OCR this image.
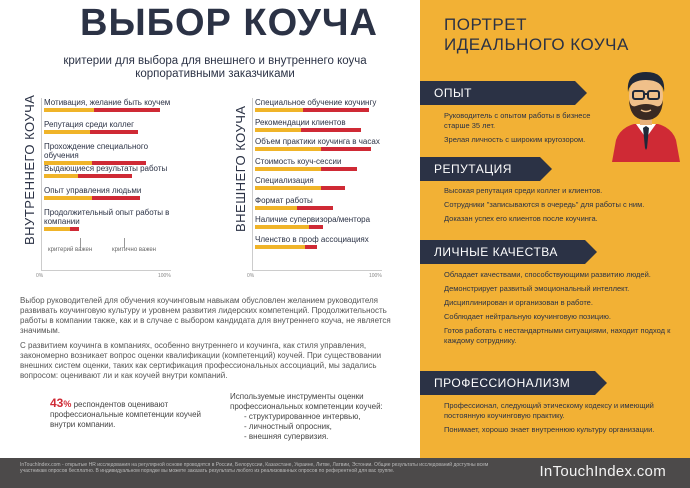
ВЫБОР КОУЧА
критерии для выбора для внешнего и внутреннего коуча корпоративными заказчиками
ВНУТРЕННЕГО КОУЧА	ВНЕШНЕГО КОУЧА
0%	100%
Мотивация, желание быть коучем
Репутация среди коллег
Прохождение специального обучения
Выдающиеся результаты работы
Опыт управления людьми
Продолжительный опыт работы в компании
критерий важен	критично важен
0%	100%
Специальное обучение коучингу
Рекомендации клиентов
Объем практики коучинга в часах
Стоимость коуч-сессии
Специализация
Формат работы
Наличие супервизора/ментора
Членство в проф ассоциациях
Выбор руководителей для обучения коучинговым навыкам обусловлен желанием руководителя развивать коучинговую культуру и уровнем развития лидерских компетенций. Продолжительность работы в компании также, как и в случае с выбором кандидата для внутреннего коуча, не является значимым.
С развитием коучинга в компаниях, особенно внутреннего и коучинга, как стиля управления, закономерно возникает вопрос оценки квалификации (компетенций) коучей. При существовании внешних систем оценки, таких как сертификация профессиональных ассоциаций, мы задались вопросом: оценивают ли и как коучей внутри компаний.
43% респондентов оценивают профессиональные компетенции коучей внутри компании.
Используемые инструменты оценки профессиональных компетенции коучей:
- структурированное интервью,
- личностный опросник,
- внешняя супервизия.
ПОРТРЕТ
ИДЕАЛЬНОГО КОУЧА
ОПЫТ

Руководитель с опытом работы в бизнесе старше 35 лет.

Зрелая личность с широким кругозором.

РЕПУТАЦИЯ

Высокая репутация среди коллег и клиентов.

Сотрудники "записываются в очередь" для работы с ним.

Доказан успех его клиентов после коучинга.

ЛИЧНЫЕ КАЧЕСТВА

Обладает качествами, способствующими развитию людей.

Демонстрирует развитый эмоциональный интеллект.

Дисциплинирован и организован в работе.

Соблюдает нейтральную коучинговую позицию.

Готов работать с нестандартными ситуациями, находит подход к каждому сотруднику.

ПРОФЕССИОНАЛИЗМ

Профессионал, следующий этическому кодексу и имеющий постоянную коучинговую практику.

Понимает, хорошо знает внутреннюю культуру организации.

InTouchIndex.com - открытые HR исследования на регулярной основе проводятся в России, Белоруссии, Казахстане, Украине, Литве, Латвии, Эстонии. Общие результаты исследований доступны всем участникам опросов бесплатно. В индивидуальном порядке вы можете заказать результаты любого из реализованных опросов по референтной для вас группе.	InTouchIndex.com
